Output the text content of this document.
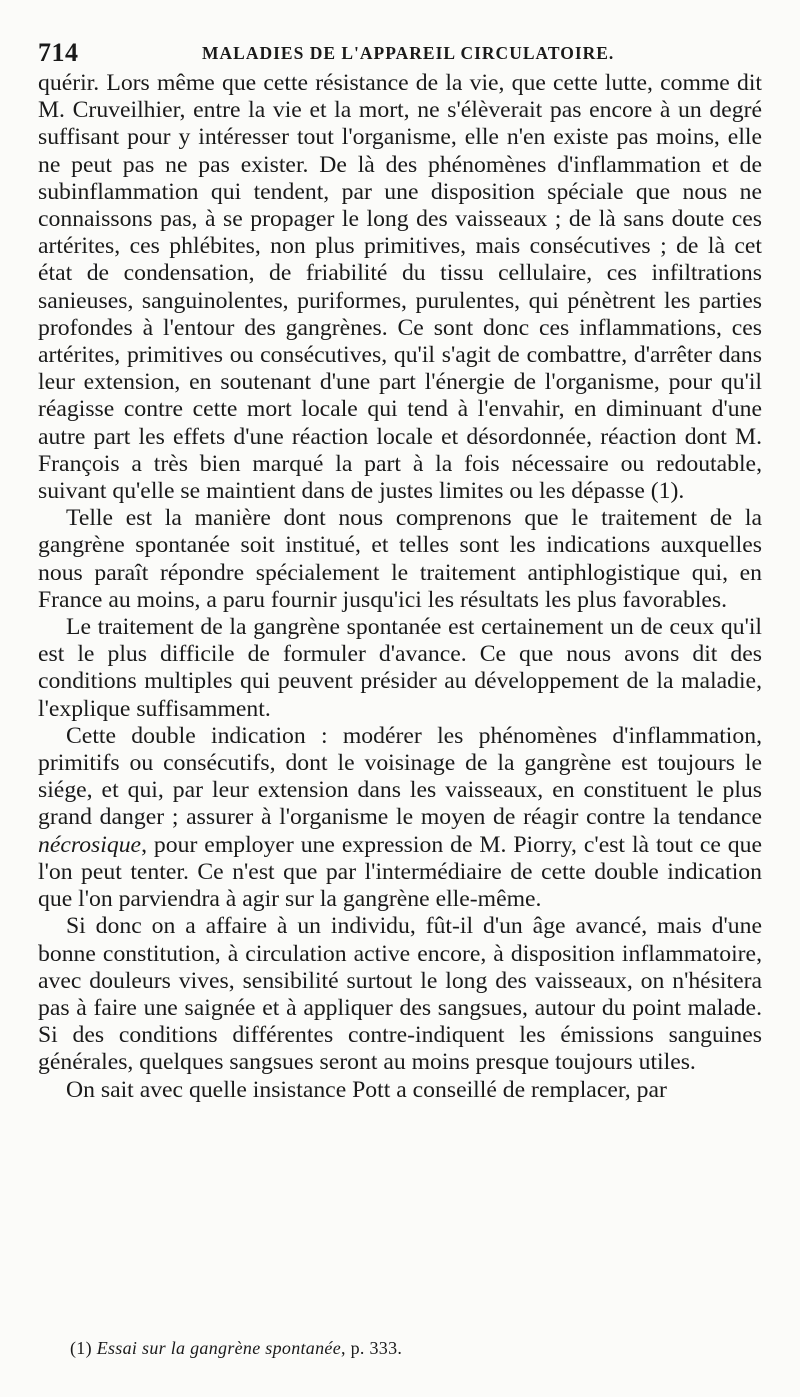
714	MALADIES DE L'APPAREIL CIRCULATOIRE.

quérir. Lors même que cette résistance de la vie, que cette lutte, comme dit M. Cruveilhier, entre la vie et la mort, ne s'élèverait pas encore à un degré suffisant pour y intéresser tout l'organisme, elle n'en existe pas moins, elle ne peut pas ne pas exister. De là des phénomènes d'inflammation et de subinflammation qui tendent, par une disposition spéciale que nous ne connaissons pas, à se propager le long des vaisseaux ; de là sans doute ces artérites, ces phlébites, non plus primitives, mais consécutives ; de là cet état de condensation, de friabilité du tissu cellulaire, ces infiltrations sanieuses, sanguinolentes, puriformes, purulentes, qui pénètrent les parties profondes à l'entour des gangrènes. Ce sont donc ces inflammations, ces artérites, primitives ou consécutives, qu'il s'agit de combattre, d'arrêter dans leur extension, en soutenant d'une part l'énergie de l'organisme, pour qu'il réagisse contre cette mort locale qui tend à l'envahir, en diminuant d'une autre part les effets d'une réaction locale et désordonnée, réaction dont M. François a très bien marqué la part à la fois nécessaire ou redoutable, suivant qu'elle se maintient dans de justes limites ou les dépasse (1).

Telle est la manière dont nous comprenons que le traitement de la gangrène spontanée soit institué, et telles sont les indications auxquelles nous paraît répondre spécialement le traitement antiphlogistique qui, en France au moins, a paru fournir jusqu'ici les résultats les plus favorables.

Le traitement de la gangrène spontanée est certainement un de ceux qu'il est le plus difficile de formuler d'avance. Ce que nous avons dit des conditions multiples qui peuvent présider au développement de la maladie, l'explique suffisamment.

Cette double indication : modérer les phénomènes d'inflammation, primitifs ou consécutifs, dont le voisinage de la gangrène est toujours le siége, et qui, par leur extension dans les vaisseaux, en constituent le plus grand danger ; assurer à l'organisme le moyen de réagir contre la tendance nécrosique, pour employer une expression de M. Piorry, c'est là tout ce que l'on peut tenter. Ce n'est que par l'intermédiaire de cette double indication que l'on parviendra à agir sur la gangrène elle-même.

Si donc on a affaire à un individu, fût-il d'un âge avancé, mais d'une bonne constitution, à circulation active encore, à disposition inflammatoire, avec douleurs vives, sensibilité surtout le long des vaisseaux, on n'hésitera pas à faire une saignée et à appliquer des sangsues, autour du point malade. Si des conditions différentes contre-indiquent les émissions sanguines générales, quelques sangsues seront au moins presque toujours utiles.

On sait avec quelle insistance Pott a conseillé de remplacer, par

(1) Essai sur la gangrène spontanée, p. 333.
